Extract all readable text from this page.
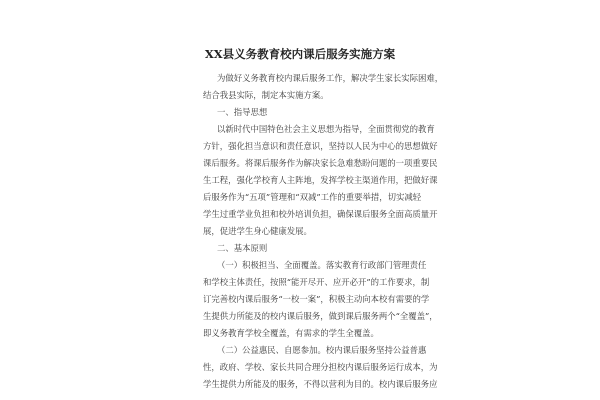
XX县义务教育校内课后服务实施方案
为做好义务教育校内课后服务工作，解决学生家长实际困难，
结合我县实际，制定本实施方案。
一、指导思想
以新时代中国特色社会主义思想为指导，全面贯彻党的教育
方针，强化担当意识和责任意识，坚持以人民为中心的思想做好
课后服务。将课后服务作为解决家长急难愁盼问题的一项重要民
生工程，强化学校育人主阵地，发挥学校主渠道作用，把做好课
后服务作为“五项”管理和“双减”工作的重要举措，切实减轻
学生过重学业负担和校外培训负担，确保课后服务全面高质量开
展，促进学生身心健康发展。
二、基本原则
（一）积极担当、全面覆盖。落实教育行政部门管理责任
和学校主体责任，按照“能开尽开、应开必开”的工作要求，制
订完善校内课后服务“一校一案”，积极主动向本校有需要的学
生提供力所能及的校内课后服务，做到课后服务两个“全覆盖”，
即义务教育学校全覆盖，有需求的学生全覆盖。
（二）公益惠民、自愿参加。校内课后服务坚持公益普惠
性，政府、学校、家长共同合理分担校内课后服务运行成本，为
学生提供力所能及的服务，不得以营利为目的。校内课后服务应
